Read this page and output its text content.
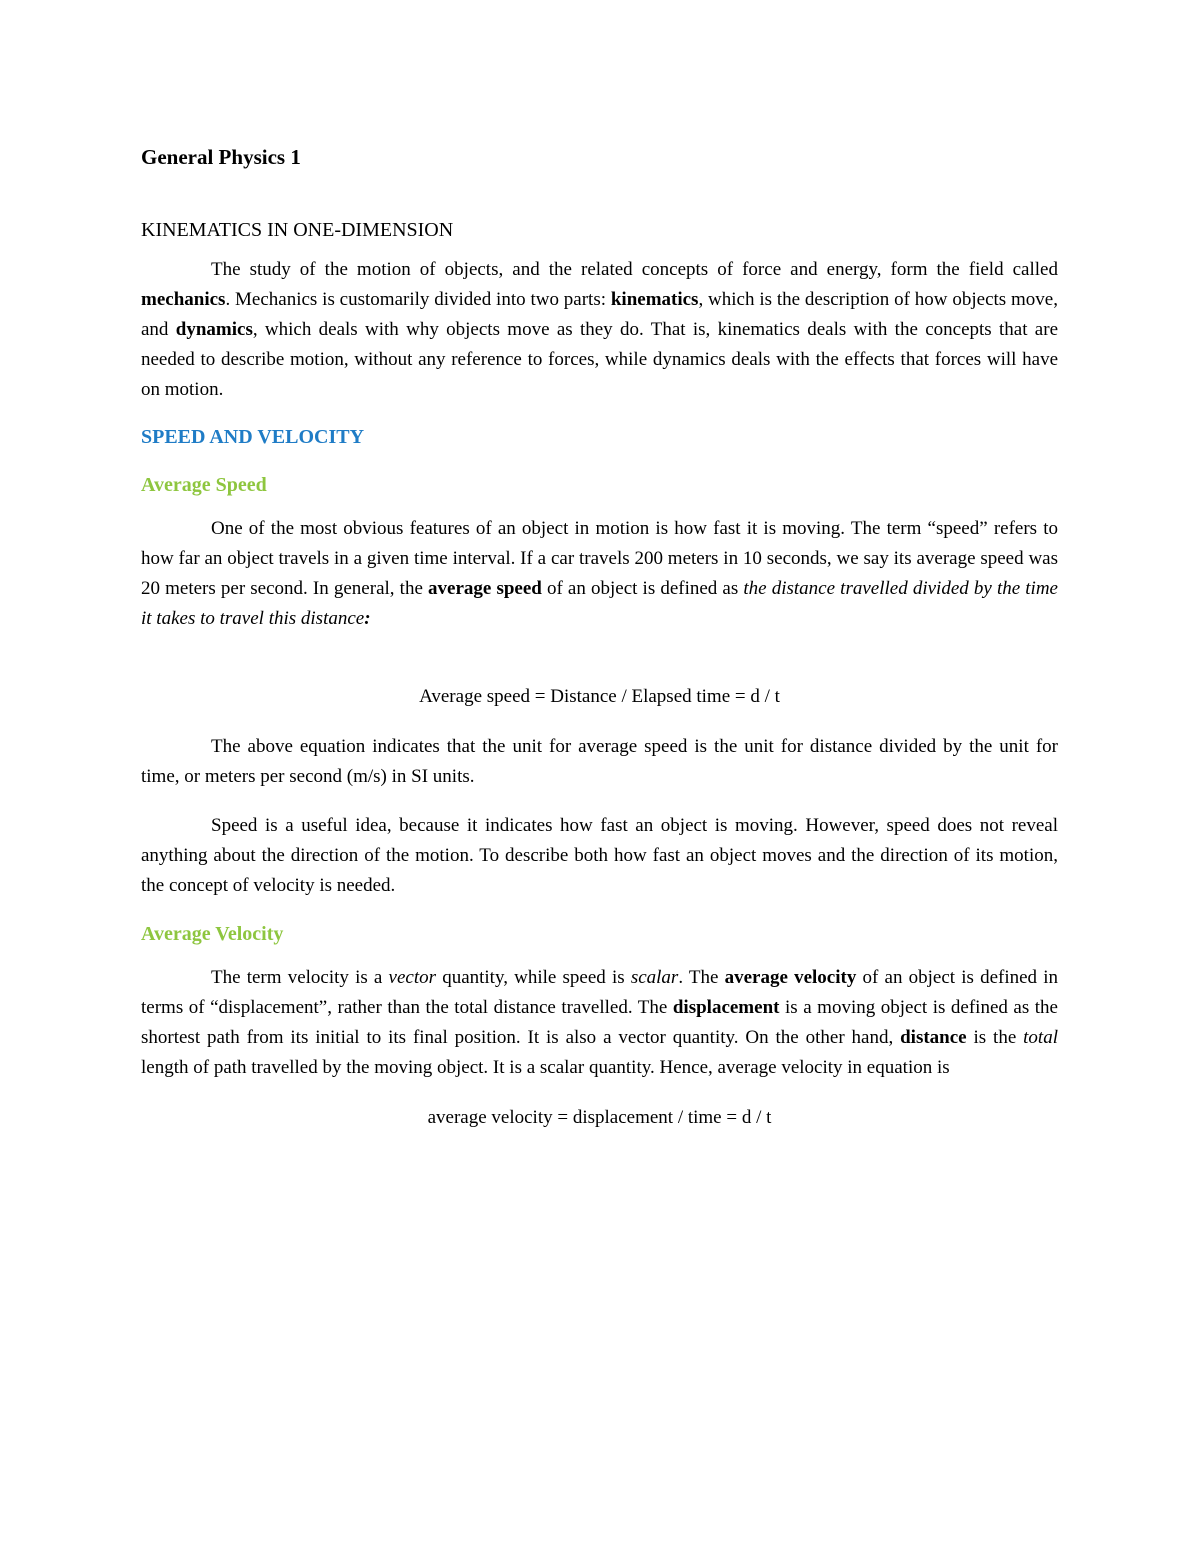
General Physics 1
KINEMATICS IN ONE-DIMENSION

The study of the motion of objects, and the related concepts of force and energy, form the field called mechanics. Mechanics is customarily divided into two parts: kinematics, which is the description of how objects move, and dynamics, which deals with why objects move as they do. That is, kinematics deals with the concepts that are needed to describe motion, without any reference to forces, while dynamics deals with the effects that forces will have on motion.

SPEED AND VELOCITY
Average Speed

One of the most obvious features of an object in motion is how fast it is moving. The term “speed” refers to how far an object travels in a given time interval. If a car travels 200 meters in 10 seconds, we say its average speed was 20 meters per second. In general, the average speed of an object is defined as the distance travelled divided by the time it takes to travel this distance:

Average speed = Distance / Elapsed time = d / t

The above equation indicates that the unit for average speed is the unit for distance divided by the unit for time, or meters per second (m/s) in SI units.

Speed is a useful idea, because it indicates how fast an object is moving. However, speed does not reveal anything about the direction of the motion. To describe both how fast an object moves and the direction of its motion, the concept of velocity is needed.

Average Velocity

The term velocity is a vector quantity, while speed is scalar. The average velocity of an object is defined in terms of “displacement”, rather than the total distance travelled. The displacement is a moving object is defined as the shortest path from its initial to its final position. It is also a vector quantity. On the other hand, distance is the total length of path travelled by the moving object. It is a scalar quantity. Hence, average velocity in equation is

average velocity = displacement / time = d / t
